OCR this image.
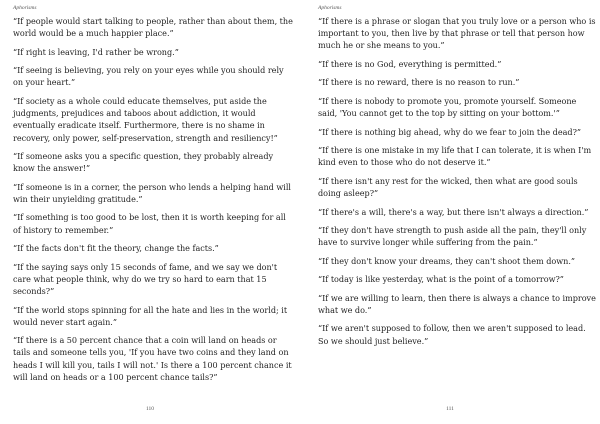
Aphorisms

“If people would start talking to people, rather than about them, the world would be a much happier place.”

“If right is leaving, I'd rather be wrong.”

“If seeing is believing, you rely on your eyes while you should rely on your heart.”

“If society as a whole could educate themselves, put aside the judgments, prejudices and taboos about addiction, it would eventually eradicate itself. Furthermore, there is no shame in recovery, only power, self-preservation, strength and resiliency!”

“If someone asks you a specific question, they probably already know the answer!”

“If someone is in a corner, the person who lends a helping hand will win their unyielding gratitude.”

“If something is too good to be lost, then it is worth keeping for all of history to remember.”

“If the facts don't fit the theory, change the facts.”

“If the saying says only 15 seconds of fame, and we say we don't care what people think, why do we try so hard to earn that 15 seconds?”

“If the world stops spinning for all the hate and lies in the world; it would never start again.”

“If there is a 50 percent chance that a coin will land on heads or tails and someone tells you, 'If you have two coins and they land on heads I will kill you, tails I will not.' Is there a 100 percent chance it will land on heads or a 100 percent chance tails?”

110
Aphorisms

“If there is a phrase or slogan that you truly love or a person who is important to you, then live by that phrase or tell that person how much he or she means to you.”

“If there is no God, everything is permitted.”

“If there is no reward, there is no reason to run.”

“If there is nobody to promote you, promote yourself. Someone said, 'You cannot get to the top by sitting on your bottom.'”

“If there is nothing big ahead, why do we fear to join the dead?”

“If there is one mistake in my life that I can tolerate, it is when I'm kind even to those who do not deserve it.”

“If there isn't any rest for the wicked, then what are good souls doing asleep?”

“If there's a will, there's a way, but there isn't always a direction.”

“If they don't have strength to push aside all the pain, they'll only have to survive longer while suffering from the pain.”

“If they don't know your dreams, they can't shoot them down.”

“If today is like yesterday, what is the point of a tomorrow?”

“If we are willing to learn, then there is always a chance to improve what we do.”

“If we aren't supposed to follow, then we aren't supposed to lead. So we should just believe.”

111
